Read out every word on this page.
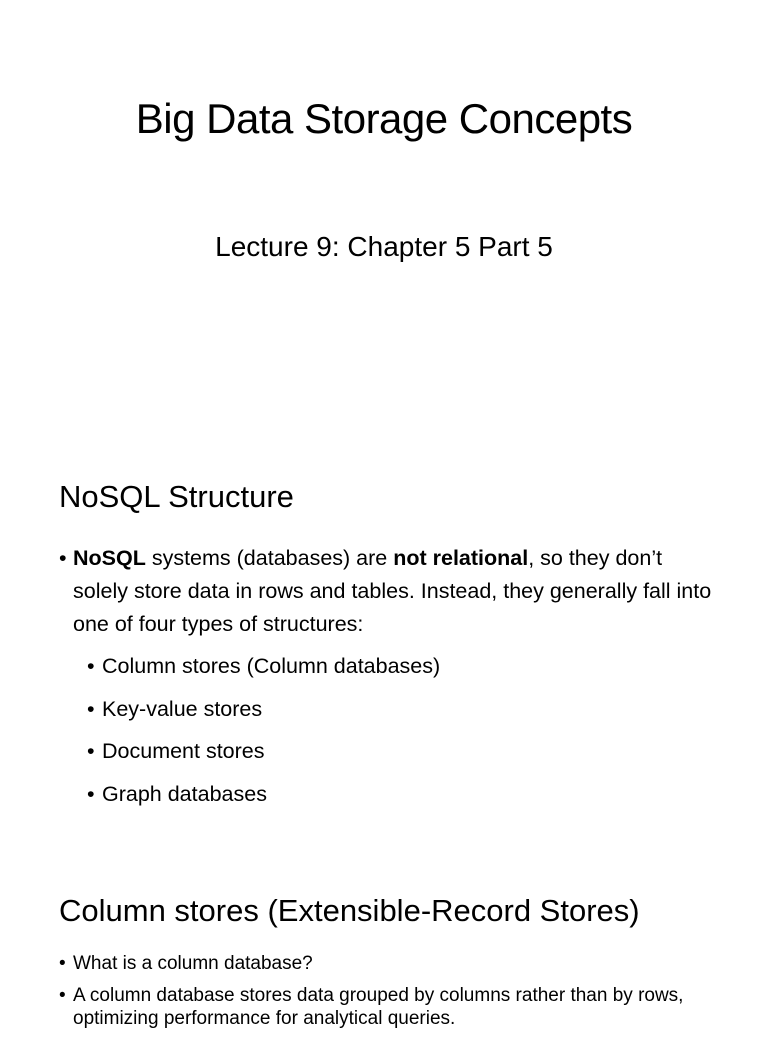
Big Data Storage Concepts
Lecture 9: Chapter 5 Part 5
NoSQL Structure
• NoSQL systems (databases) are not relational, so they don’t solely store data in rows and tables. Instead, they generally fall into one of four types of structures:
• Column stores (Column databases)
• Key-value stores
• Document stores
• Graph databases
Column stores (Extensible-Record Stores)
• What is a column database?
• A column database stores data grouped by columns rather than by rows, optimizing performance for analytical queries.
